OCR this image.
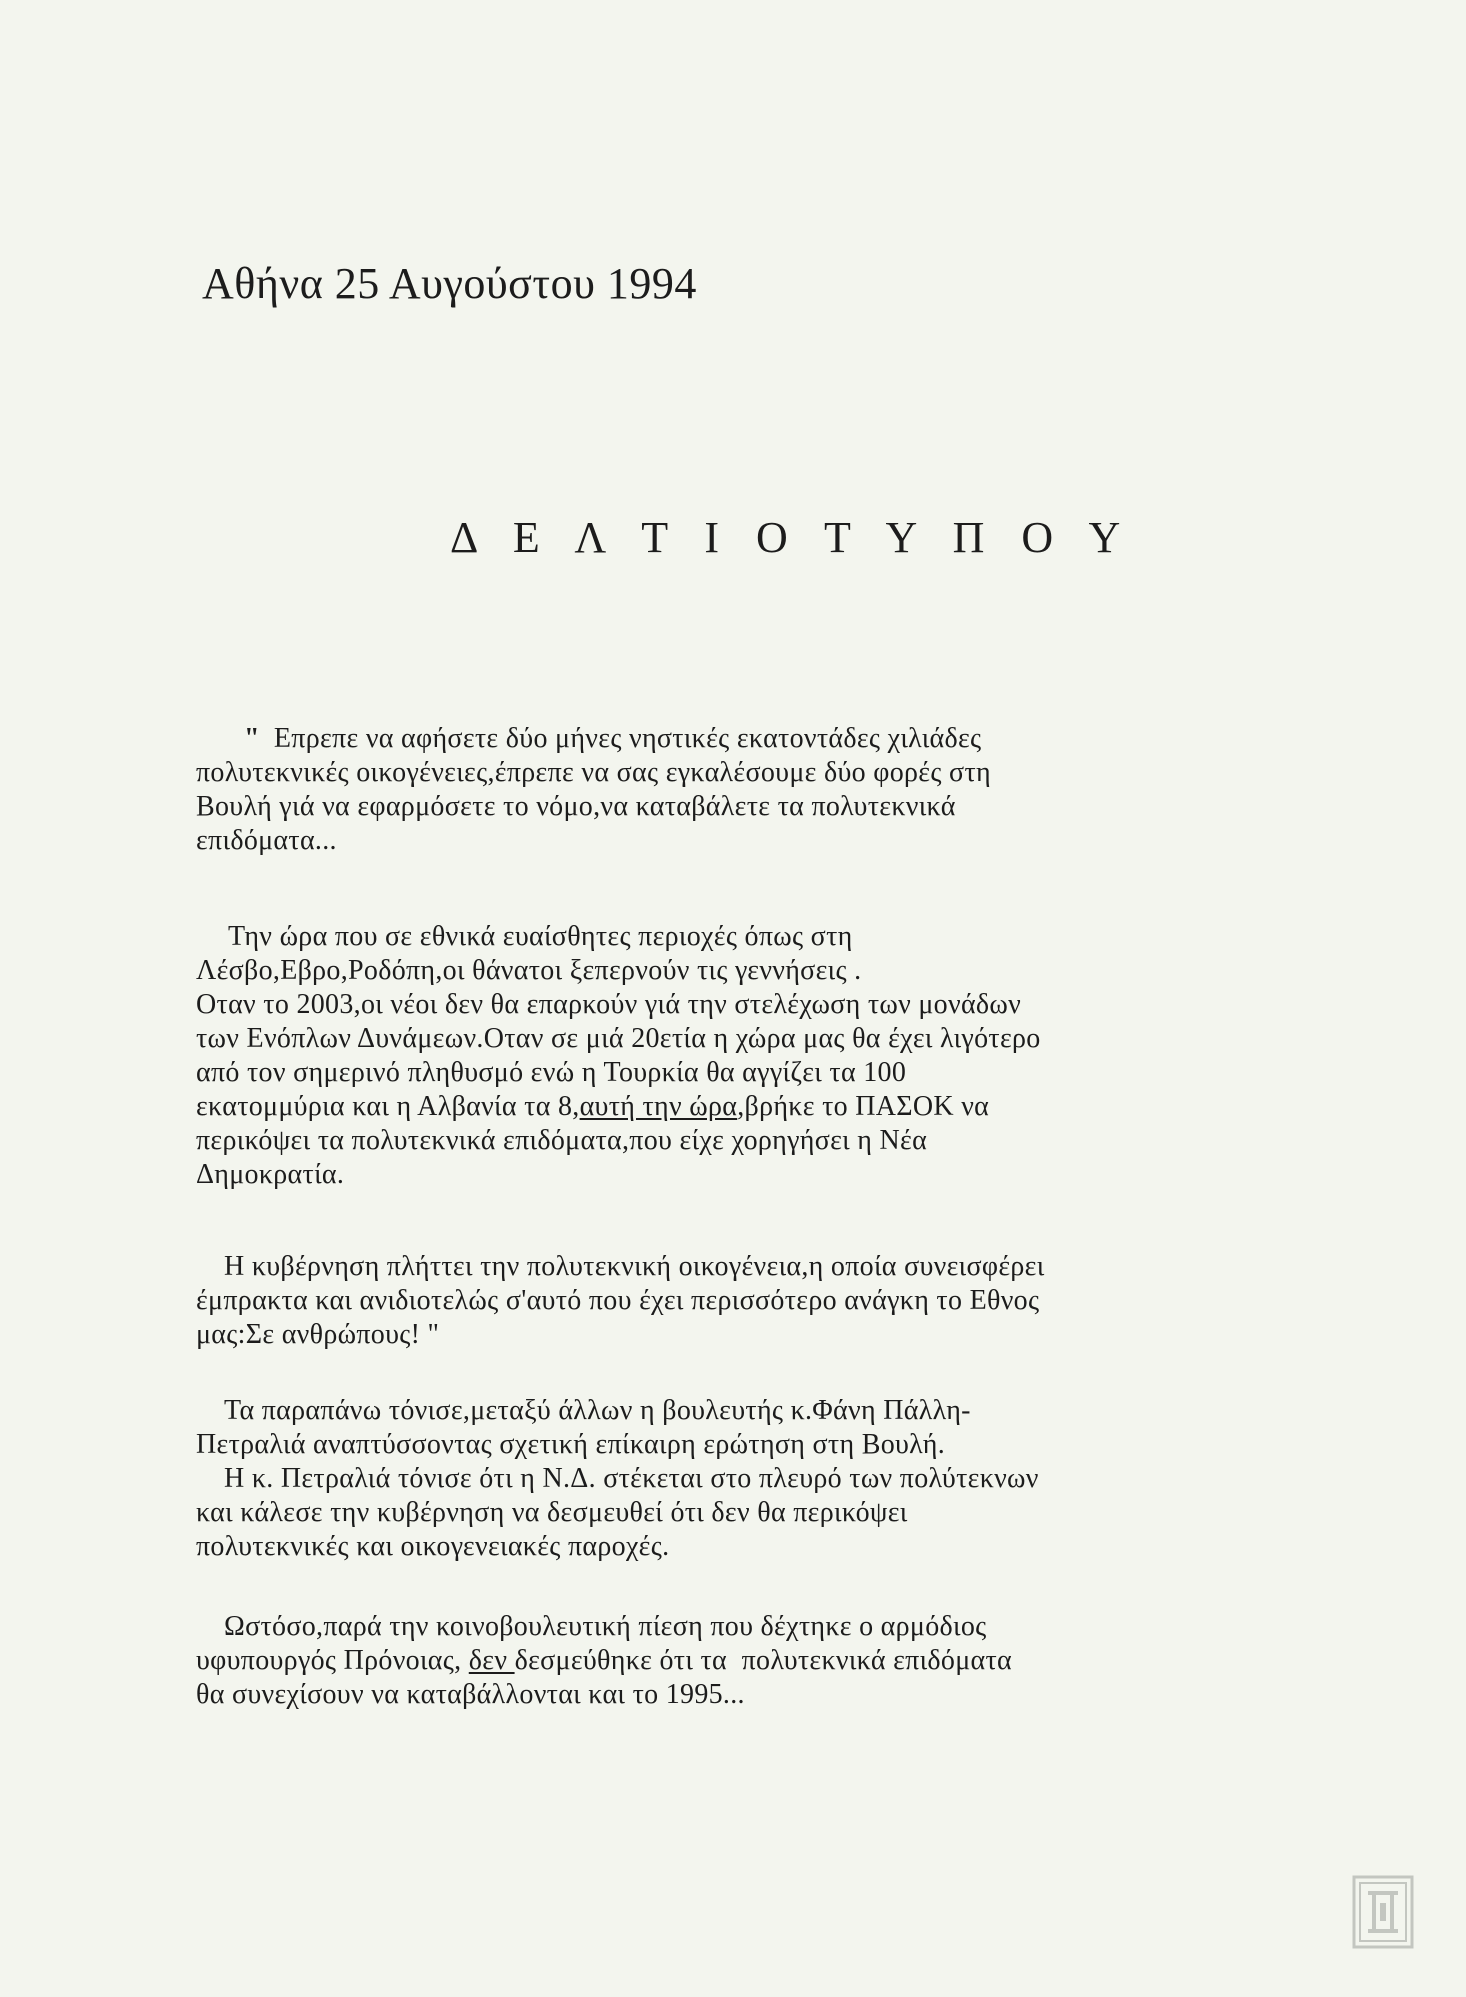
Αθήνα 25 Αυγούστου 1994
Δ Ε Λ Τ Ι Ο Τ Υ Π Ο Υ
" Επρεπε να αφήσετε δύο μήνες νηστικές εκατοντάδες χιλιάδες
πολυτεκνικές οικογένειες,έπρεπε να σας εγκαλέσουμε δύο φορές στη
Βουλή γιά να εφαρμόσετε το νόμο,να καταβάλετε τα πολυτεκνικά
επιδόματα...
Την ώρα που σε εθνικά ευαίσθητες περιοχές όπως στη
Λέσβο,Εβρο,Ροδόπη,οι θάνατοι ξεπερνούν τις γεννήσεις .
Οταν το 2003,οι νέοι δεν θα επαρκούν γιά την στελέχωση των μονάδων
των Ενόπλων Δυνάμεων.Οταν σε μιά 20ετία η χώρα μας θα έχει λιγότερο
από τον σημερινό πληθυσμό ενώ η Τουρκία θα αγγίζει τα 100
εκατομμύρια και η Αλβανία τα 8,αυτή την ώρα,βρήκε το ΠΑΣΟΚ να
περικόψει τα πολυτεκνικά επιδόματα,που είχε χορηγήσει η Νέα
Δημοκρατία.
Η κυβέρνηση πλήττει την πολυτεκνική οικογένεια,η οποία συνεισφέρει
έμπρακτα και ανιδιοτελώς σ'αυτό που έχει περισσότερο ανάγκη το Εθνος
μας:Σε ανθρώπους! "
Τα παραπάνω τόνισε,μεταξύ άλλων η βουλευτής κ.Φάνη Πάλλη-
Πετραλιά αναπτύσσοντας σχετική επίκαιρη ερώτηση στη Βουλή.
Η κ. Πετραλιά τόνισε ότι η Ν.Δ. στέκεται στο πλευρό των πολύτεκνων
και κάλεσε την κυβέρνηση να δεσμευθεί ότι δεν θα περικόψει
πολυτεκνικές και οικογενειακές παροχές.
Ωστόσο,παρά την κοινοβουλευτική πίεση που δέχτηκε ο αρμόδιος
υφυπουργός Πρόνοιας, δεν δεσμεύθηκε ότι τα  πολυτεκνικά επιδόματα
θα συνεχίσουν να καταβάλλονται και το 1995...
